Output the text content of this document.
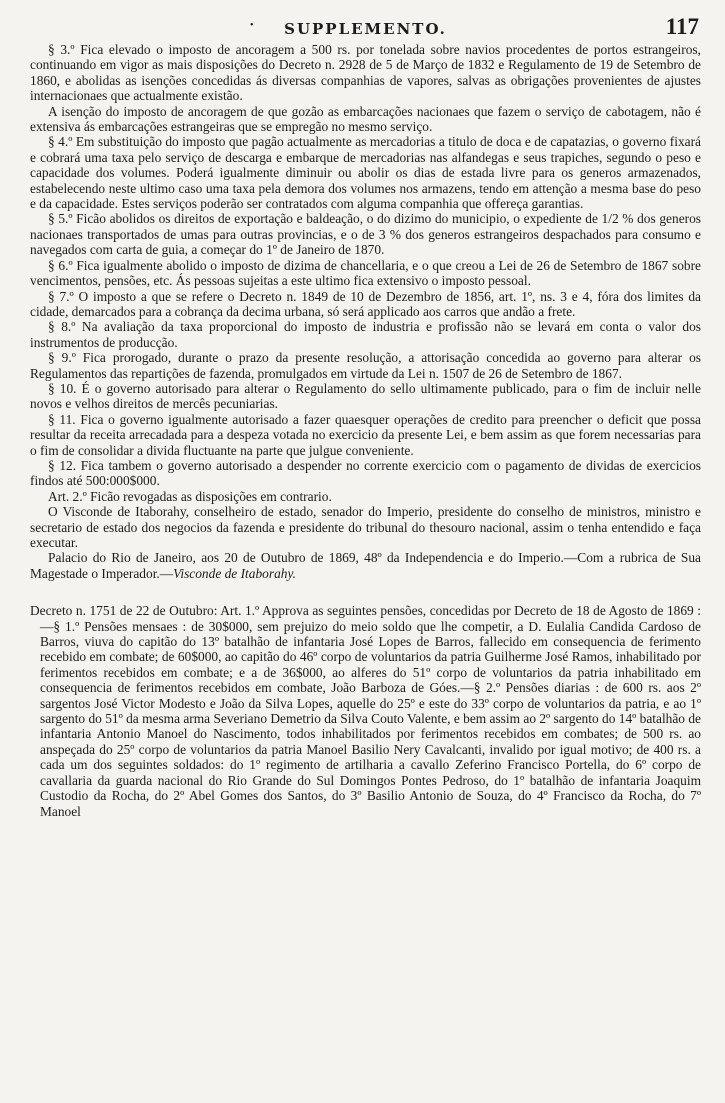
• SUPPLEMENTO.	117

§ 3.º Fica elevado o imposto de ancoragem a 500 rs. por tonelada sobre navios procedentes de portos estrangeiros, continuando em vigor as mais disposições do Decreto n. 2928 de 5 de Março de 1832 e Regulamento de 19 de Setembro de 1860, e abolidas as isenções concedidas ás diversas companhias de vapores, salvas as obrigações provenientes de ajustes internacionaes que actualmente existão.

A isenção do imposto de ancoragem de que gozão as embarcações nacionaes que fazem o serviço de cabotagem, não é extensiva ás embarcações estrangeiras que se empregão no mesmo serviço.

§ 4.º Em substituição do imposto que pagão actualmente as mercadorias a titulo de doca e de capatazias, o governo fixará e cobrará uma taxa pelo serviço de descarga e embarque de mercadorias nas alfandegas e seus trapiches, segundo o peso e capacidade dos volumes. Poderá igualmente diminuir ou abolir os dias de estada livre para os generos armazenados, estabelecendo neste ultimo caso uma taxa pela demora dos volumes nos armazens, tendo em attenção a mesma base do peso e da capacidade. Estes serviços poderão ser contratados com alguma companhia que offereça garantias.

§ 5.º Ficão abolidos os direitos de exportação e baldeação, o do dizimo do municipio, o expediente de 1/2 % dos generos nacionaes transportados de umas para outras provincias, e o de 3 % dos generos estrangeiros despachados para consumo e navegados com carta de guia, a começar do 1º de Janeiro de 1870.

§ 6.º Fica igualmente abolido o imposto de dizima de chancellaria, e o que creou a Lei de 26 de Setembro de 1867 sobre vencimentos, pensões, etc. Ás pessoas sujeitas a este ultimo fica extensivo o imposto pessoal.

§ 7.º O imposto a que se refere o Decreto n. 1849 de 10 de Dezembro de 1856, art. 1º, ns. 3 e 4, fóra dos limites da cidade, demarcados para a cobrança da decima urbana, só será applicado aos carros que andão a frete.

§ 8.º Na avaliação da taxa proporcional do imposto de industria e profissão não se levará em conta o valor dos instrumentos de producção.

§ 9.º Fica prorogado, durante o prazo da presente resolução, a attorisação concedida ao governo para alterar os Regulamentos das repartições de fazenda, promulgados em virtude da Lei n. 1507 de 26 de Setembro de 1867.

§ 10. É o governo autorisado para alterar o Regulamento do sello ultimamente publicado, para o fim de incluir nelle novos e velhos direitos de mercês pecuniarias.

§ 11. Fica o governo igualmente autorisado a fazer quaesquer operações de credito para preencher o deficit que possa resultar da receita arrecadada para a despeza votada no exercicio da presente Lei, e bem assim as que forem necessarias para o fim de consolidar a divida fluctuante na parte que julgue conveniente.

§ 12. Fica tambem o governo autorisado a despender no corrente exercicio com o pagamento de dividas de exercicios findos até 500:000$000.

Art. 2.º Ficão revogadas as disposições em contrario.

O Visconde de Itaborahy, conselheiro de estado, senador do Imperio, presidente do conselho de ministros, ministro e secretario de estado dos negocios da fazenda e presidente do tribunal do thesouro nacional, assim o tenha entendido e faça executar.

Palacio do Rio de Janeiro, aos 20 de Outubro de 1869, 48º da Independencia e do Imperio.—Com a rubrica de Sua Magestade o Imperador.—Visconde de Itaborahy.

Decreto n. 1751 de 22 de Outubro: Art. 1.º Approva as seguintes pensões, concedidas por Decreto de 18 de Agosto de 1869 :—§ 1.º Pensões mensaes : de 30$000, sem prejuizo do meio soldo que lhe competir, a D. Eulalia Candida Cardoso de Barros, viuva do capitão do 13º batalhão de infantaria José Lopes de Barros, fallecido em consequencia de ferimento recebido em combate; de 60$000, ao capitão do 46º corpo de voluntarios da patria Guilherme José Ramos, inhabilitado por ferimentos recebidos em combate; e a de 36$000, ao alferes do 51º corpo de voluntarios da patria inhabilitado em consequencia de ferimentos recebidos em combate, João Barboza de Góes.—§ 2.º Pensões diarias : de 600 rs. aos 2º sargentos José Victor Modesto e João da Silva Lopes, aquelle do 25º e este do 33º corpo de voluntarios da patria, e ao 1º sargento do 51º da mesma arma Severiano Demetrio da Silva Couto Valente, e bem assim ao 2º sargento do 14º batalhão de infantaria Antonio Manoel do Nascimento, todos inhabilitados por ferimentos recebidos em combates; de 500 rs. ao anspeçada do 25º corpo de voluntarios da patria Manoel Basilio Nery Cavalcanti, invalido por igual motivo; de 400 rs. a cada um dos seguintes soldados: do 1º regimento de artilharia a cavallo Zeferino Francisco Portella, do 6º corpo de cavallaria da guarda nacional do Rio Grande do Sul Domingos Pontes Pedroso, do 1º batalhão de infantaria Joaquim Custodio da Rocha, do 2º Abel Gomes dos Santos, do 3º Basilio Antonio de Souza, do 4º Francisco da Rocha, do 7º Manoel
